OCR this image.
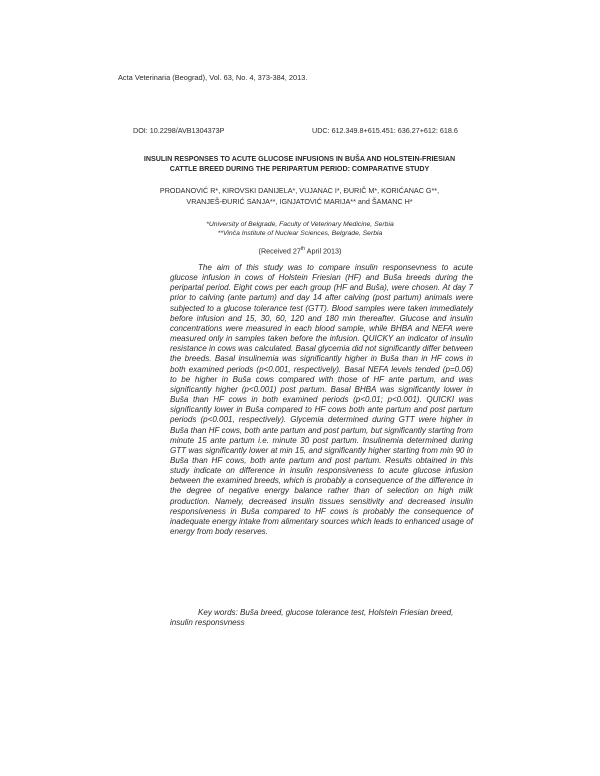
Acta Veterinaria (Beograd), Vol. 63, No. 4, 373-384, 2013.
DOI: 10.2298/AVB1304373P	UDC: 612.349.8+615.451: 636.27+612: 618.6
INSULIN RESPONSES TO ACUTE GLUCOSE INFUSIONS IN BUŠA AND HOLSTEIN-FRIESIAN
CATTLE BREED DURING THE PERIPARTUM PERIOD: COMPARATIVE STUDY
PRODANOVIĆ R*, KIROVSKI DANIJELA*, VUJANAC I*, ĐURIČ M*, KORIĆANAC G**,
VRANJEŠ-ĐURIĆ SANJA**, IGNJATOVIĆ MARIJA** and ŠAMANC H*
*University of Belgrade, Faculty of Veterinary Medicine, Serbia
**Vinča Institute of Nuclear Sciences, Belgrade, Serbia
(Received 27th April 2013)

The aim of this study was to compare insulin responsevness to acute glucose infusion in cows of Holstein Friesian (HF) and Buša breeds during the peripartal period. Eight cows per each group (HF and Buša), were chosen. At day 7 prior to calving (ante partum) and day 14 after calving (post partum) animals were subjected to a glucose tolerance test (GTT). Blood samples were taken immediately before infusion and 15, 30, 60, 120 and 180 min thereafter. Glucose and insulin concentrations were measured in each blood sample, while BHBA and NEFA were measured only in samples taken before the infusion. QUICKY an indicator of insulin resistance in cows was calculated. Basal glycemia did not significantly differ between the breeds. Basal insulinemia was significantly higher in Buša than in HF cows in both examined periods (p<0.001, respectively). Basal NEFA levels tended (p=0.06) to be higher in Buša cows compared with those of HF ante partum, and was significantly higher (p<0.001) post partum. Basal BHBA was significantly lower in Buša than HF cows in both examined periods (p<0.01; p<0.001). QUICKI was significantly lower in Buša compared to HF cows both ante partum and post partum periods (p<0.001, respectively). Glycemia determined during GTT were higher in Buša than HF cows, both ante partum and post partum, but significantly starting from minute 15 ante partum i.e. minute 30 post partum. Insulinemia determined during GTT was significantly lower at min 15, and significantly higher starting from min 90 in Buša than HF cows, both ante partum and post partum. Results obtained in this study indicate on difference in insulin responsiveness to acute glucose infusion between the examined breeds, which is probably a consequence of the difference in the degree of negative energy balance rather than of selection on high milk production. Namely, decreased insulin tissues sensitivity and decreased insulin responsiveness in Buša compared to HF cows is probably the consequence of inadequate energy intake from alimentary sources which leads to enhanced usage of energy from body reserves.

Key words: Buša breed, glucose tolerance test, Holstein Friesian breed, insulin responsvness
